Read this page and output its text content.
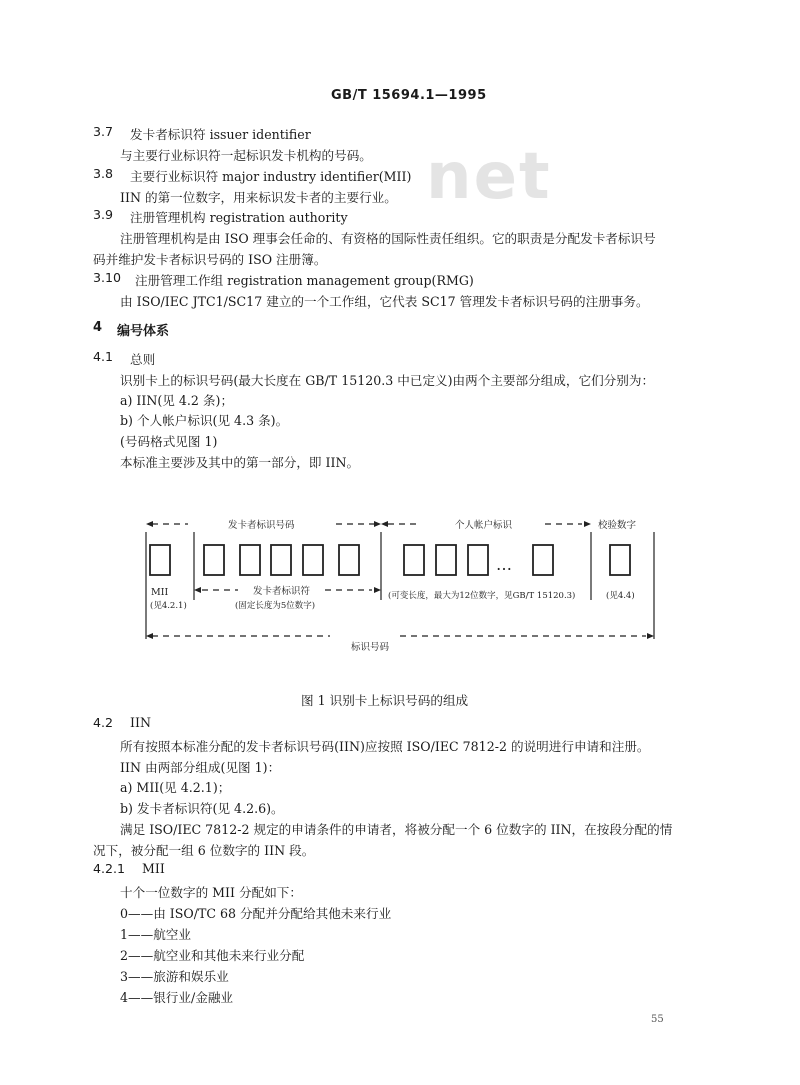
net
GB/T 15694.1—1995
3.7 发卡者标识符 issuer identifier
与主要行业标识符一起标识发卡机构的号码。
3.8 主要行业标识符 major industry identifier(MII)
IIN 的第一位数字，用来标识发卡者的主要行业。
3.9 注册管理机构 registration authority
注册管理机构是由 ISO 理事会任命的、有资格的国际性责任组织。它的职责是分配发卡者标识号
码并维护发卡者标识号码的 ISO 注册簿。
3.10 注册管理工作组 registration management group(RMG)
由 ISO/IEC JTC1/SC17 建立的一个工作组，它代表 SC17 管理发卡者标识号码的注册事务。
4 编号体系
4.1 总则
识别卡上的标识号码(最大长度在 GB/T 15120.3 中已定义)由两个主要部分组成，它们分别为：
a) IIN(见 4.2 条)；
b) 个人帐户标识(见 4.3 条)。
(号码格式见图 1)
本标准主要涉及其中的第一部分，即 IIN。
发卡者标识号码	个人帐户标识	校验数字
MII	发卡者标识符
…
(可变长度，最大为12位数字，见GB/T 15120.3)	(见4.4)
(见4.2.1)	(固定长度为5位数字)
标识号码
图 1 识别卡上标识号码的组成
4.2 IIN
所有按照本标准分配的发卡者标识号码(IIN)应按照 ISO/IEC 7812-2 的说明进行申请和注册。
IIN 由两部分组成(见图 1)：
a) MII(见 4.2.1)；
b) 发卡者标识符(见 4.2.6)。
满足 ISO/IEC 7812-2 规定的申请条件的申请者，将被分配一个 6 位数字的 IIN，在按段分配的情
况下，被分配一组 6 位数字的 IIN 段。
4.2.1 MII
十个一位数字的 MII 分配如下：
0——由 ISO/TC 68 分配并分配给其他未来行业
1——航空业
2——航空业和其他未来行业分配
3——旅游和娱乐业
4——银行业/金融业
55
